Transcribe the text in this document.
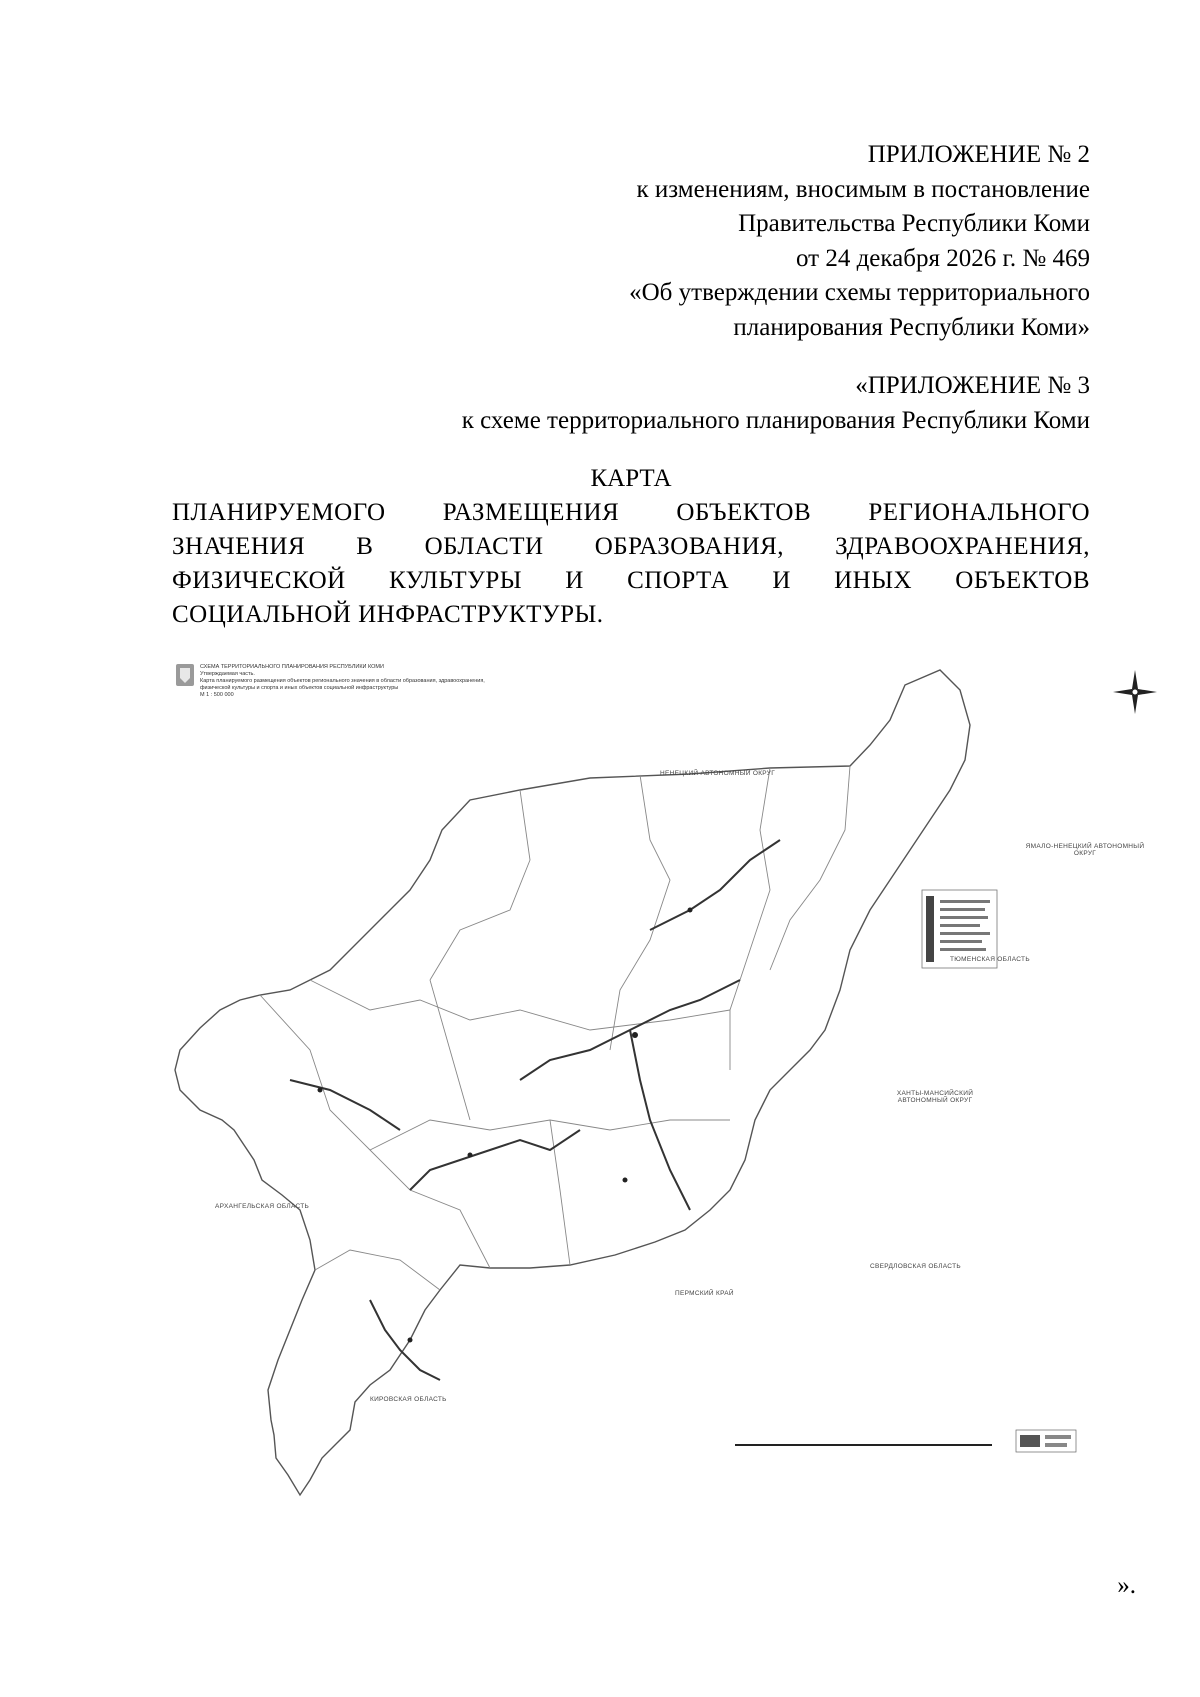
ПРИЛОЖЕНИЕ № 2
к изменениям, вносимым в постановление
Правительства Республики Коми
от 24 декабря 2026 г. № 469
«Об утверждении схемы территориального
планирования Республики Коми»
«ПРИЛОЖЕНИЕ № 3
к схеме территориального планирования Республики Коми
КАРТА
ПЛАНИРУЕМОГО РАЗМЕЩЕНИЯ ОБЪЕКТОВ РЕГИОНАЛЬНОГО
ЗНАЧЕНИЯ В ОБЛАСТИ ОБРАЗОВАНИЯ, ЗДРАВООХРАНЕНИЯ,
ФИЗИЧЕСКОЙ КУЛЬТУРЫ И СПОРТА И ИНЫХ ОБЪЕКТОВ
СОЦИАЛЬНОЙ ИНФРАСТРУКТУРЫ.
СХЕМА ТЕРРИТОРИАЛЬНОГО ПЛАНИРОВАНИЯ РЕСПУБЛИКИ КОМИ
Утверждаемая часть.
Карта планируемого размещения объектов регионального значения в области образования, здравоохранения,
физической культуры и спорта и иных объектов социальной инфраструктуры
М 1 : 500 000
НЕНЕЦКИЙ АВТОНОМНЫЙ ОКРУГ
ЯМАЛО-НЕНЕЦКИЙ АВТОНОМНЫЙ ОКРУГ
ТЮМЕНСКАЯ ОБЛАСТЬ
ХАНТЫ-МАНСИЙСКИЙ АВТОНОМНЫЙ ОКРУГ
АРХАНГЕЛЬСКАЯ ОБЛАСТЬ
СВЕРДЛОВСКАЯ ОБЛАСТЬ
ПЕРМСКИЙ КРАЙ
КИРОВСКАЯ ОБЛАСТЬ
».
